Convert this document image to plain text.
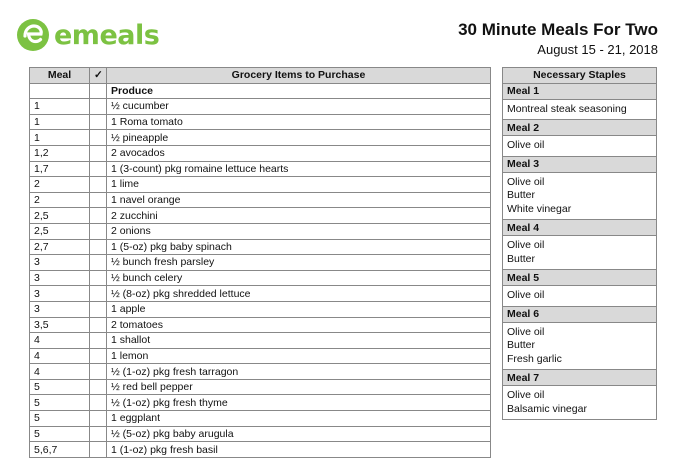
emeals	30 Minute Meals For Two
August 15 - 21, 2018
Meal	✓	Grocery Items to Purchase
		Produce
1		½ cucumber
1		1 Roma tomato
1		½ pineapple
1,2		2 avocados
1,7		1 (3-count) pkg romaine lettuce hearts
2		1 lime
2		1 navel orange
2,5		2 zucchini
2,5		2 onions
2,7		1 (5-oz) pkg baby spinach
3		½ bunch fresh parsley
3		½ bunch celery
3		½ (8-oz) pkg shredded lettuce
3		1 apple
3,5		2 tomatoes
4		1 shallot
4		1 lemon
4		½ (1-oz) pkg fresh tarragon
5		½ red bell pepper
5		½ (1-oz) pkg fresh thyme
5		1 eggplant
5		½ (5-oz) pkg baby arugula
5,6,7		1 (1-oz) pkg fresh basil
Necessary Staples
Meal 1

Montreal steak seasoning

Meal 2

Olive oil

Meal 3

Olive oil
Butter
White vinegar

Meal 4

Olive oil
Butter

Meal 5

Olive oil

Meal 6

Olive oil
Butter
Fresh garlic

Meal 7

Olive oil
Balsamic vinegar
